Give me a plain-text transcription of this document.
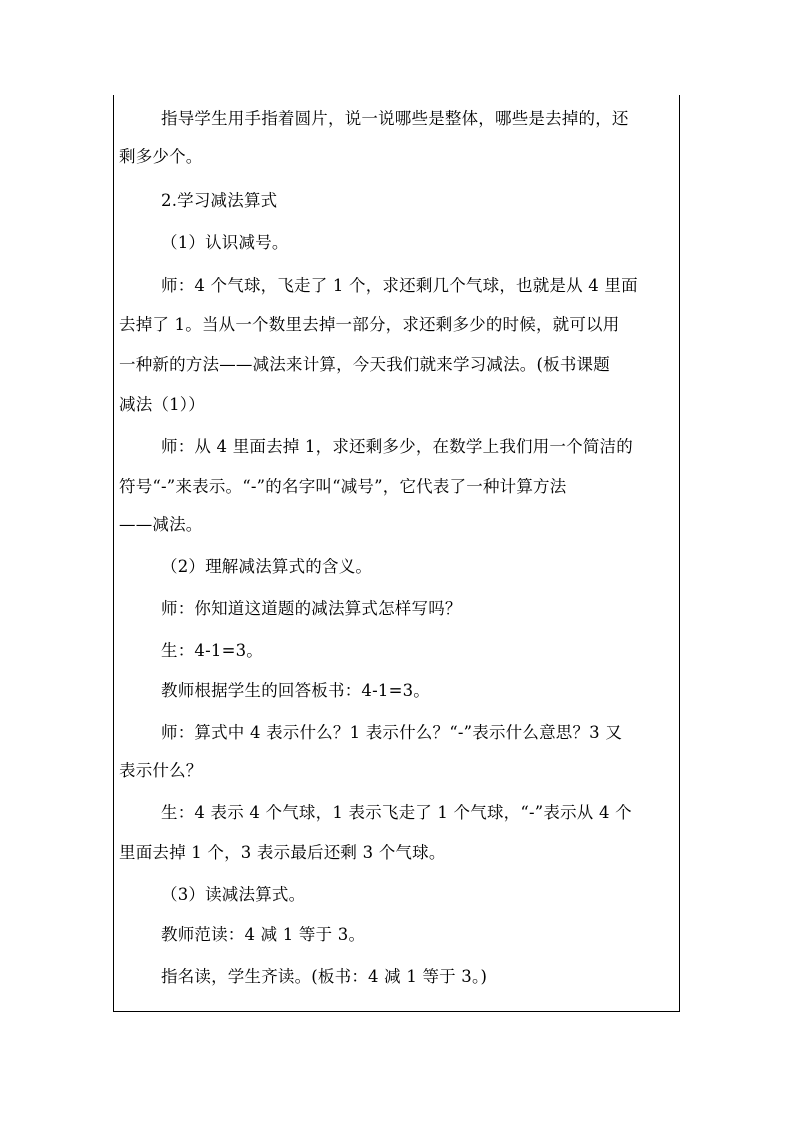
指导学生用手指着圆片，说一说哪些是整体，哪些是去掉的，还
剩多少个。
2.学习减法算式
（1）认识减号。
师：4 个气球，飞走了 1 个，求还剩几个气球，也就是从 4 里面
去掉了 1。当从一个数里去掉一部分，求还剩多少的时候，就可以用
一种新的方法——减法来计算，今天我们就来学习减法。(板书课题
减法（1））
师：从 4 里面去掉 1，求还剩多少，在数学上我们用一个简洁的
符号“-”来表示。“-”的名字叫“减号”，它代表了一种计算方法
——减法。
（2）理解减法算式的含义。
师：你知道这道题的减法算式怎样写吗？
生：4-1=3。
教师根据学生的回答板书：4-1=3。
师：算式中 4 表示什么？1 表示什么？“-”表示什么意思？3 又
表示什么？
生：4 表示 4 个气球，1 表示飞走了 1 个气球，“-”表示从 4 个
里面去掉 1 个，3 表示最后还剩 3 个气球。
（3）读减法算式。
教师范读：4 减 1 等于 3。
指名读，学生齐读。(板书：4 减 1 等于 3。)
